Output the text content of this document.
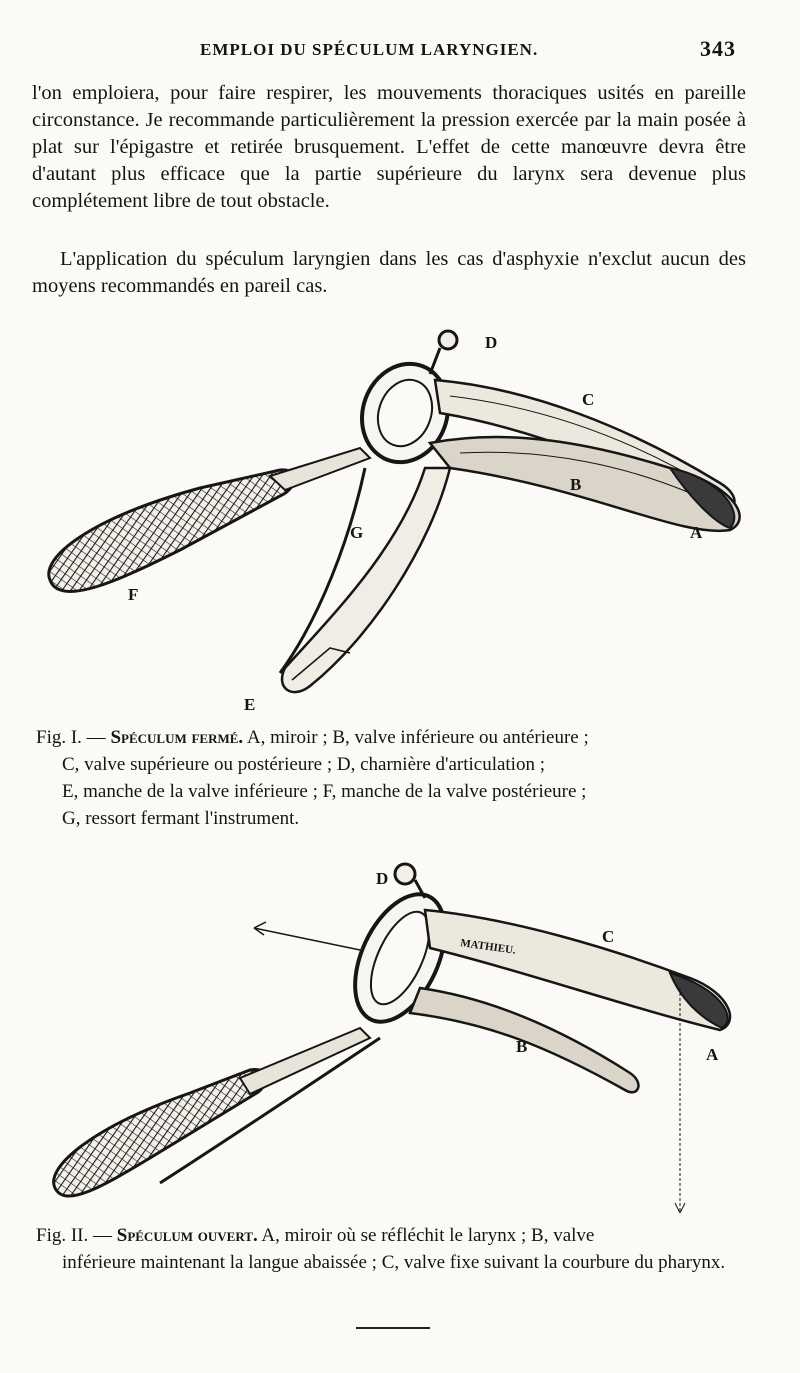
EMPLOI DU SPÉCULUM LARYNGIEN.	343
l'on emploiera, pour faire respirer, les mouvements thoraciques usités en pareille circonstance. Je recommande particulièrement la pression exercée par la main posée à plat sur l'épigastre et retirée brusquement. L'effet de cette manœuvre devra être d'autant plus efficace que la partie supérieure du larynx sera devenue plus complétement libre de tout obstacle.
L'application du spéculum laryngien dans les cas d'asphyxie n'exclut aucun des moyens recommandés en pareil cas.
D
C
B
A
G
F
E
Fig. I. — Spéculum fermé. A, miroir ; B, valve inférieure ou antérieure ;
C, valve supérieure ou postérieure ; D, charnière d'articulation ;
E, manche de la valve inférieure ; F, manche de la valve postérieure ;
G, ressort fermant l'instrument.
MATHIEU.
D
C
B	A
Fig. II. — Spéculum ouvert. A, miroir où se réfléchit le larynx ; B, valve
inférieure maintenant la langue abaissée ; C, valve fixe suivant la courbure du pharynx.
